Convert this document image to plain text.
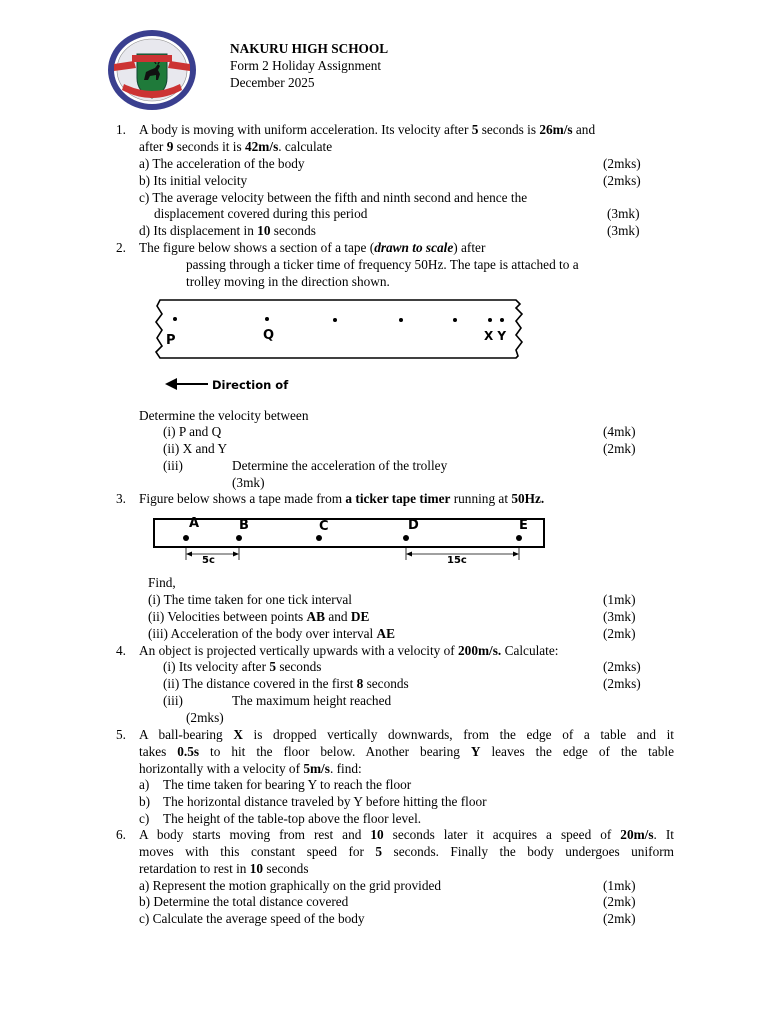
NAKURU HIGH SCHOOL
Form 2 Holiday Assignment
December 2025
1. A body is moving with uniform acceleration. Its velocity after 5 seconds is 26m/s and
after 9 seconds it is 42m/s. calculate
a) The acceleration of the body	(2mks)
b) Its initial velocity	(2mks)
c) The average velocity between the fifth and ninth second and hence the
displacement covered during this period	(3mk)
d) Its displacement in 10 seconds	(3mk)
2. The figure below shows a section of a tape (drawn to scale) after
passing through a ticker time of frequency 50Hz. The tape is attached to a
trolley moving in the direction shown.
P	Q	X Y
Direction of
Determine the velocity between
(i) P and Q	(4mk)
(ii) X and Y	(2mk)
(iii)	Determine the acceleration of the trolley
(3mk)
3. Figure below shows a tape made from a ticker tape timer running at 50Hz.
A	B	C	D	E
5c	15c
Find,
(i) The time taken for one tick interval	(1mk)
(ii) Velocities between points AB and DE	(3mk)
(iii) Acceleration of the body over interval AE	(2mk)
4. An object is projected vertically upwards with a velocity of 200m/s. Calculate:
(i) Its velocity after 5 seconds	(2mks)
(ii) The distance covered in the first 8 seconds	(2mks)
(iii)	The maximum height reached
(2mks)
5. A ball-bearing X is dropped vertically downwards, from the edge of a table and it
takes 0.5s to hit the floor below. Another bearing Y leaves the edge of the table
horizontally with a velocity of 5m/s. find:
a) The time taken for bearing Y to reach the floor
b) The horizontal distance traveled by Y before hitting the floor
c) The height of the table-top above the floor level.
6. A body starts moving from rest and 10 seconds later it acquires a speed of 20m/s. It
moves with this constant speed for 5 seconds. Finally the body undergoes uniform
retardation to rest in 10 seconds
a) Represent the motion graphically on the grid provided	(1mk)
b) Determine the total distance covered	(2mk)
c) Calculate the average speed of the body	(2mk)
